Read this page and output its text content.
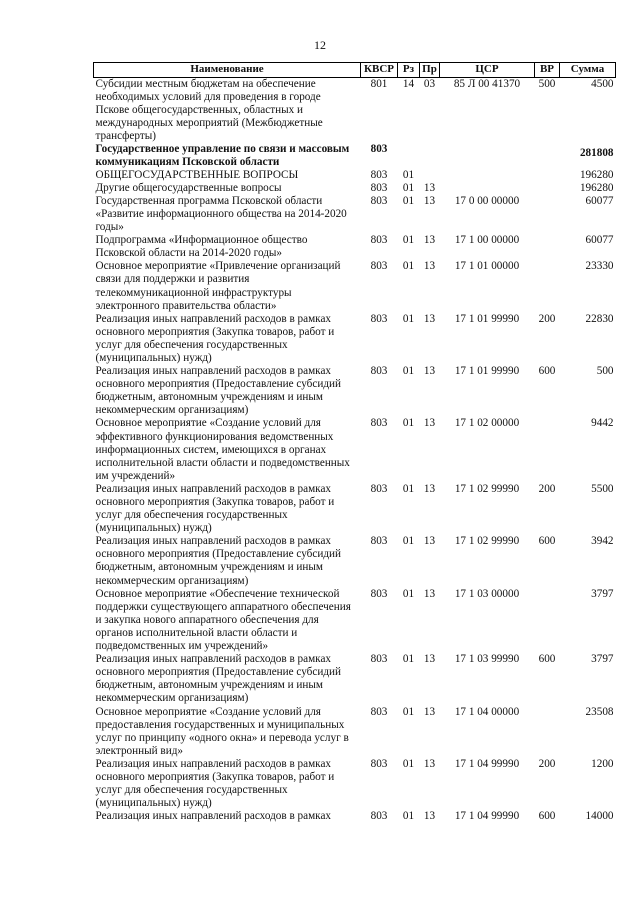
12
Наименование	КВСР	Рз	Пр	ЦСР	ВР	Сумма
Субсидии местным бюджетам на обеспечение необходимых условий для проведения в городе Пскове общегосударственных, областных и международных мероприятий (Межбюджетные трансферты)	801	14	03	85 Л 00 41370	500	4500
Государственное управление по связи и массовым коммуникациям Псковской области	803					281808
ОБЩЕГОСУДАРСТВЕННЫЕ ВОПРОСЫ	803	01				196280
Другие общегосударственные вопросы	803	01	13			196280
Государственная программа Псковской области «Развитие информационного общества на 2014-2020 годы»	803	01	13	17 0 00 00000		60077
Подпрограмма «Информационное общество Псковской области на 2014-2020 годы»	803	01	13	17 1 00 00000		60077
Основное мероприятие «Привлечение организаций связи для поддержки и развития телекоммуникационной инфраструктуры электронного правительства области»	803	01	13	17 1 01 00000		23330
Реализация иных направлений расходов в рамках основного мероприятия (Закупка товаров, работ и услуг для обеспечения государственных (муниципальных) нужд)	803	01	13	17 1 01 99990	200	22830
Реализация иных направлений расходов в рамках основного мероприятия (Предоставление субсидий бюджетным, автономным учреждениям и иным некоммерческим организациям)	803	01	13	17 1 01 99990	600	500
Основное мероприятие «Создание условий для эффективного функционирования ведомственных информационных систем, имеющихся в органах исполнительной власти области и подведомственных им учреждений»	803	01	13	17 1 02 00000		9442
Реализация иных направлений расходов в рамках основного мероприятия (Закупка товаров, работ и услуг для обеспечения государственных (муниципальных) нужд)	803	01	13	17 1 02 99990	200	5500
Реализация иных направлений расходов в рамках основного мероприятия (Предоставление субсидий бюджетным, автономным учреждениям и иным некоммерческим организациям)	803	01	13	17 1 02 99990	600	3942
Основное мероприятие «Обеспечение технической поддержки существующего аппаратного обеспечения и закупка нового аппаратного обеспечения для органов исполнительной власти области и подведомственных им учреждений»	803	01	13	17 1 03 00000		3797
Реализация иных направлений расходов в рамках основного мероприятия (Предоставление субсидий бюджетным, автономным учреждениям и иным некоммерческим организациям)	803	01	13	17 1 03 99990	600	3797
Основное мероприятие «Создание условий для предоставления государственных и муниципальных услуг по принципу «одного окна» и перевода услуг в электронный вид»	803	01	13	17 1 04 00000		23508
Реализация иных направлений расходов в рамках основного мероприятия (Закупка товаров, работ и услуг для обеспечения государственных (муниципальных) нужд)	803	01	13	17 1 04 99990	200	1200
Реализация иных направлений расходов в рамках	803	01	13	17 1 04 99990	600	14000
